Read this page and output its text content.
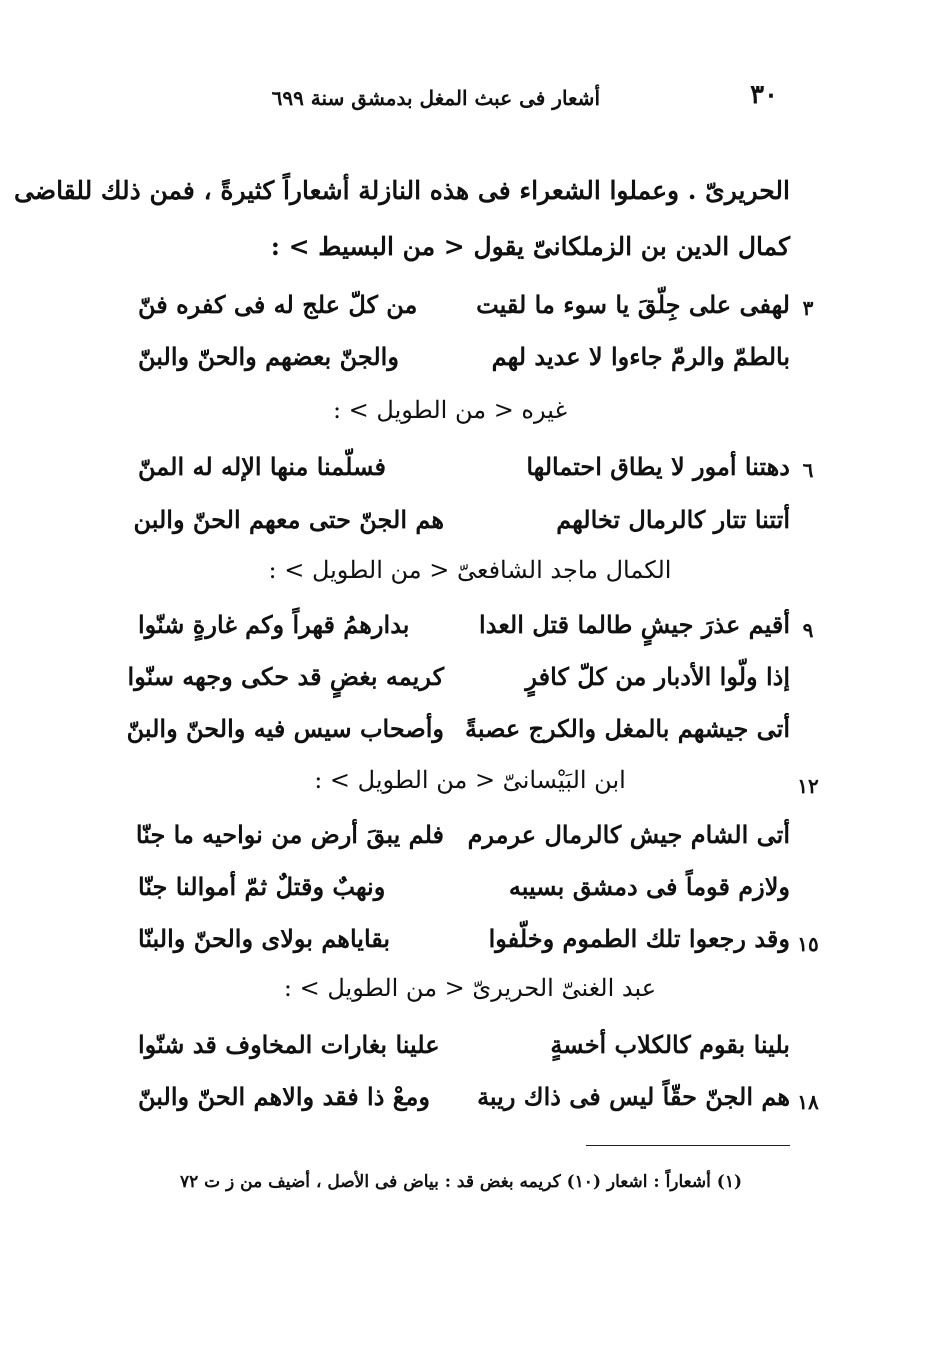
٣٠
أشعار فى عبث المغل بدمشق سنة ٦٩٩
الحريرىّ . وعملوا الشعراء فى هذه النازلة أشعاراً كثيرةً ، فمن ذلك للقاضى
كمال الدين بن الزملكانىّ يقول < من البسيط > :
٣
لهفى على جِلّقَ يا سوء ما لقيت
من كلّ علج له فى كفره فنّ
بالطمّ والرمّ جاءوا لا عديد لهم
والجنّ بعضهم والحنّ والبنّ
غيره < من الطويل > :
٦
دهتنا أمور لا يطاق احتمالها
فسلّمنا منها الإله له المنّ
أتتنا تتار كالرمال تخالهم
هم الجنّ حتى معهم الحنّ والبن
الكمال ماجد الشافعىّ < من الطويل > :
٩
أقيم عذرَ جيشٍ طالما قتل العدا
بدارهمُ قهراً وكم غارةٍ شنّوا
إذا ولّوا الأدبار من كلّ كافرٍ
كريمه بغضٍ قد حكى وجهه سنّوا
أتى جيشهم بالمغل والكرج عصبةً
وأصحاب سيس فيه والحنّ والبنّ
١٢
ابن البَيْسانىّ < من الطويل > :
أتى الشام جيش كالرمال عرمرم
فلم يبقَ أرض من نواحيه ما جنّا
ولازم قوماً فى دمشق بسيبه
ونهبٌ وقتلٌ ثمّ أموالنا جنّا
١٥
وقد رجعوا تلك الطموم وخلّفوا
بقاياهم بولاى والحنّ والبنّا
عبد الغنىّ الحريرىّ < من الطويل > :
بلينا بقوم كالكلاب أخسةٍ
علينا بغارات المخاوف قد شنّوا
١٨
هم الجنّ حقّاً ليس فى ذاك ريبة
ومعْ ذا فقد والاهم الحنّ والبنّ
(١) أشعاراً : اشعار (١٠) كريمه بغض قد : بياض فى الأصل ، أضيف من ز ت ٧٢
